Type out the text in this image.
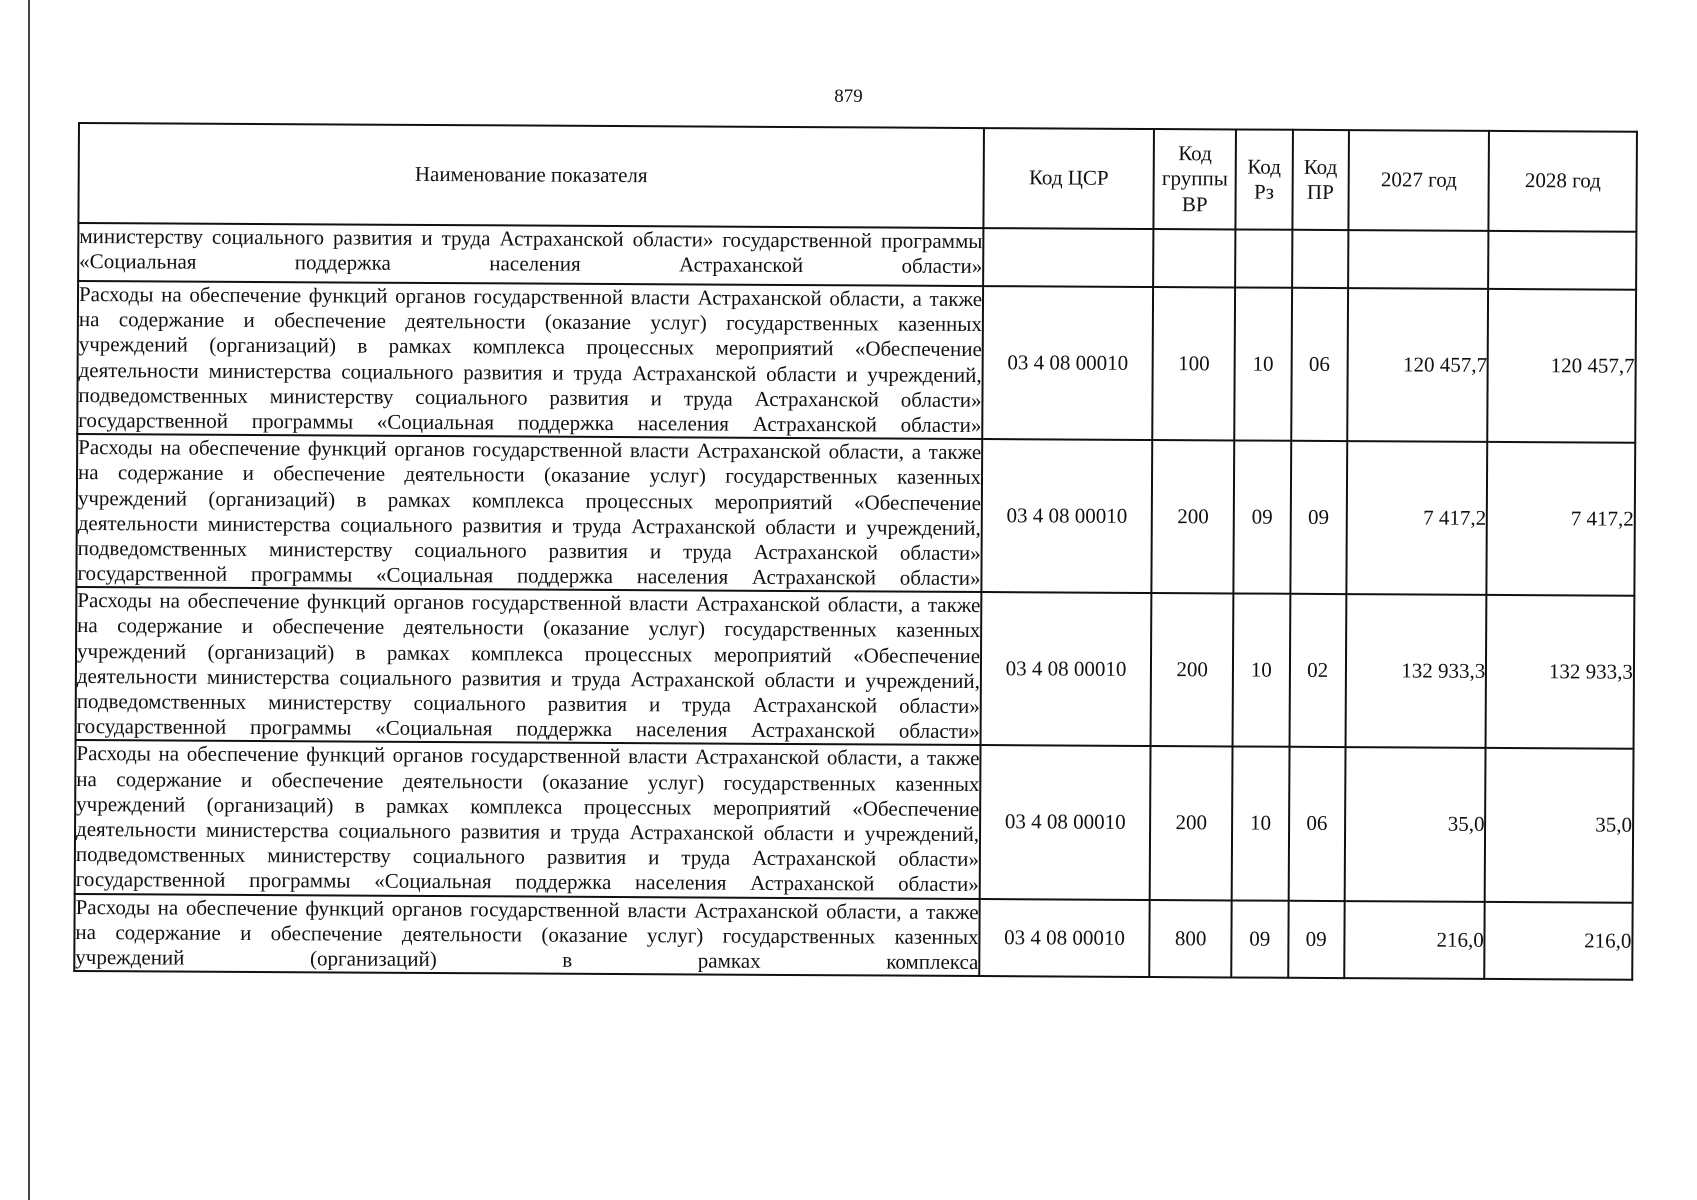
879
Наименование показателя	Код ЦСР	Код группы ВР	Код Рз	Код ПР	2027 год	2028 год
министерству социального развития и труда Астраханской области» государственной программы «Социальная поддержка населения Астраханской области»						
Расходы на обеспечение функций органов государственной власти Астраханской области, а также на содержание и обеспечение деятельности (оказание услуг) государственных казенных учреждений (организаций) в рамках комплекса процессных мероприятий «Обеспечение деятельности министерства социального развития и труда Астраханской области и учреждений, подведомственных министерству социального развития и труда Астраханской области» государственной программы «Социальная поддержка населения Астраханской области»	03 4 08 00010	100	10	06	120 457,7	120 457,7
Расходы на обеспечение функций органов государственной власти Астраханской области, а также на содержание и обеспечение деятельности (оказание услуг) государственных казенных учреждений (организаций) в рамках комплекса процессных мероприятий «Обеспечение деятельности министерства социального развития и труда Астраханской области и учреждений, подведомственных министерству социального развития и труда Астраханской области» государственной программы «Социальная поддержка населения Астраханской области»	03 4 08 00010	200	09	09	7 417,2	7 417,2
Расходы на обеспечение функций органов государственной власти Астраханской области, а также на содержание и обеспечение деятельности (оказание услуг) государственных казенных учреждений (организаций) в рамках комплекса процессных мероприятий «Обеспечение деятельности министерства социального развития и труда Астраханской области и учреждений, подведомственных министерству социального развития и труда Астраханской области» государственной программы «Социальная поддержка населения Астраханской области»	03 4 08 00010	200	10	02	132 933,3	132 933,3
Расходы на обеспечение функций органов государственной власти Астраханской области, а также на содержание и обеспечение деятельности (оказание услуг) государственных казенных учреждений (организаций) в рамках комплекса процессных мероприятий «Обеспечение деятельности министерства социального развития и труда Астраханской области и учреждений, подведомственных министерству социального развития и труда Астраханской области» государственной программы «Социальная поддержка населения Астраханской области»	03 4 08 00010	200	10	06	35,0	35,0
Расходы на обеспечение функций органов государственной власти Астраханской области, а также на содержание и обеспечение деятельности (оказание услуг) государственных казенных учреждений (организаций) в рамках комплекса	03 4 08 00010	800	09	09	216,0	216,0
